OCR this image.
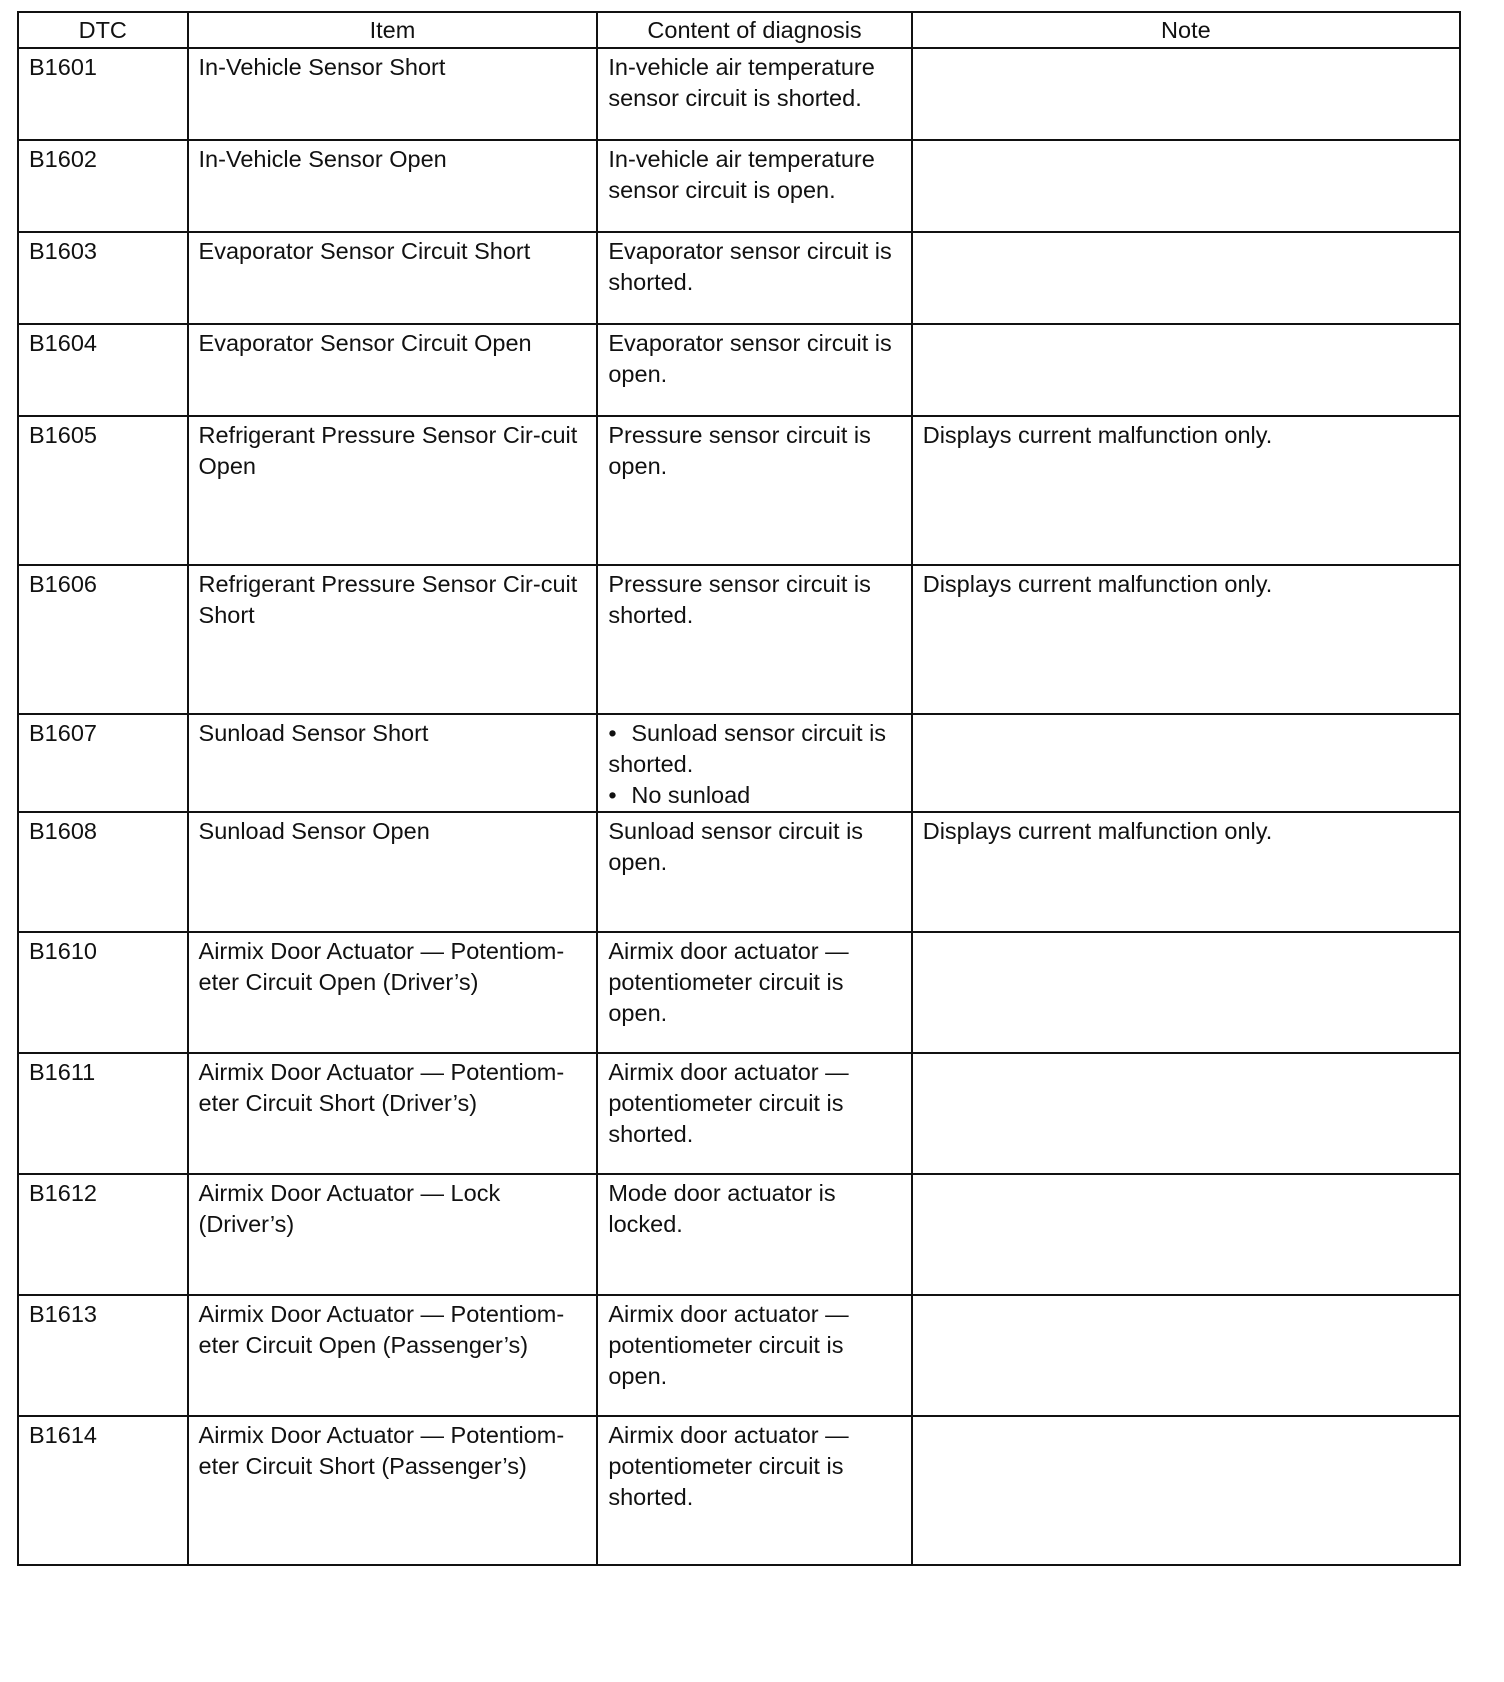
DTC	Item	Content of diagnosis	Note
B1601	In-Vehicle Sensor Short	In-vehicle air temperature sensor circuit is shorted.	
B1602	In-Vehicle Sensor Open	In-vehicle air temperature sensor circuit is open.	
B1603	Evaporator Sensor Circuit Short	Evaporator sensor circuit is shorted.	
B1604	Evaporator Sensor Circuit Open	Evaporator sensor circuit is open.	
B1605	Refrigerant Pressure Sensor Cir-cuit Open	Pressure sensor circuit is open.	Displays current malfunction only.
B1606	Refrigerant Pressure Sensor Cir-cuit Short	Pressure sensor circuit is shorted.	Displays current malfunction only.
B1607	Sunload Sensor Short	• Sunload sensor circuit is shorted.
• No sunload	

B1608	Sunload Sensor Open	Sunload sensor circuit is open.	Displays current malfunction only.
B1610	Airmix Door Actuator — Potentiom-eter Circuit Open (Driver’s)	Airmix door actuator — potentiometer circuit is open.	
B1611	Airmix Door Actuator — Potentiom-eter Circuit Short (Driver’s)	Airmix door actuator — potentiometer circuit is shorted.	
B1612	Airmix Door Actuator — Lock (Driver’s)	Mode door actuator is locked.	
B1613	Airmix Door Actuator — Potentiom-eter Circuit Open (Passenger’s)	Airmix door actuator — potentiometer circuit is open.	
B1614	Airmix Door Actuator — Potentiom-eter Circuit Short (Passenger’s)	Airmix door actuator — potentiometer circuit is shorted.	
